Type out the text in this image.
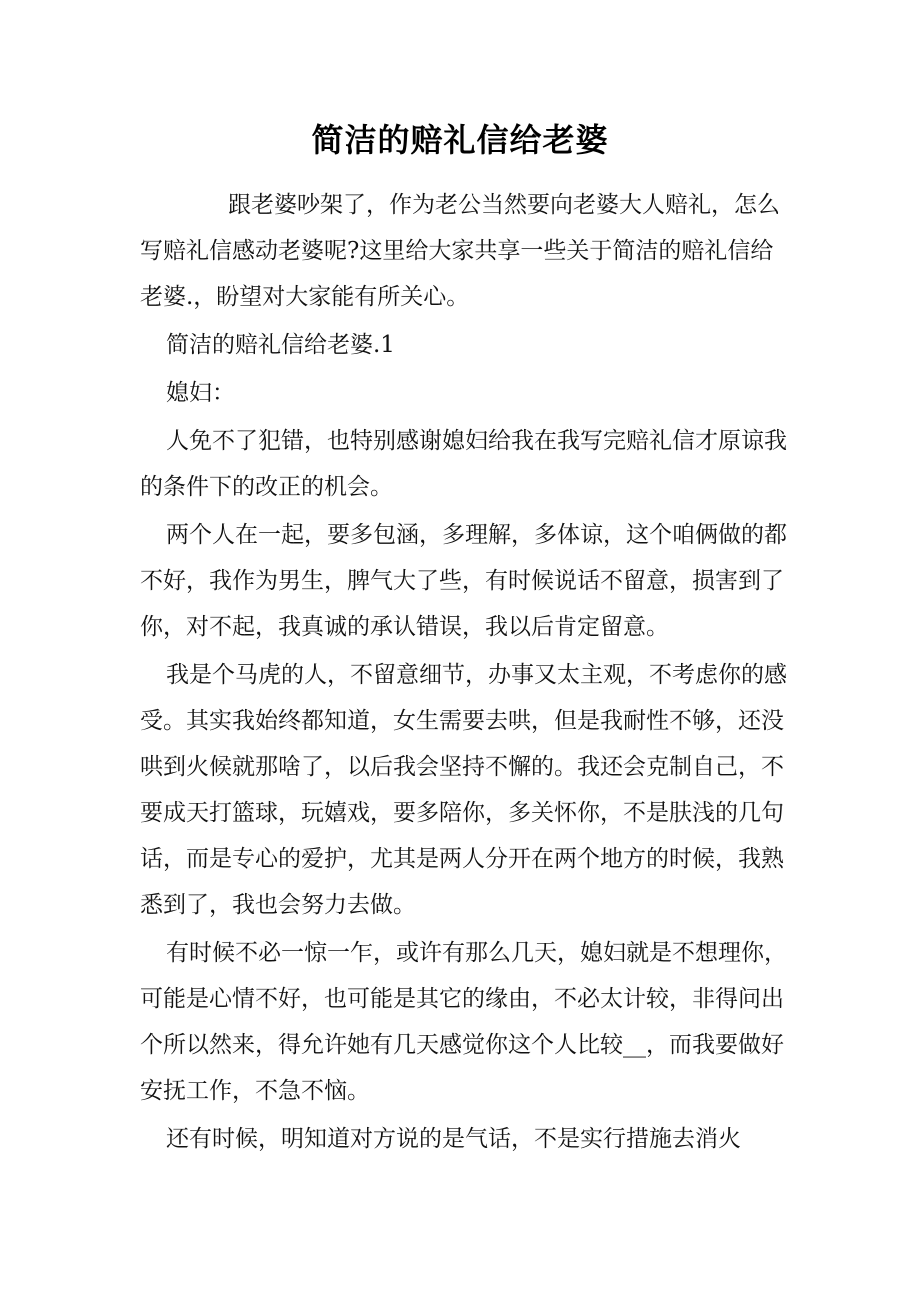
简洁的赔礼信给老婆

跟老婆吵架了，作为老公当然要向老婆大人赔礼，怎么写赔礼信感动老婆呢?这里给大家共享一些关于简洁的赔礼信给老婆.，盼望对大家能有所关心。

简洁的赔礼信给老婆.1

媳妇：

人免不了犯错，也特别感谢媳妇给我在我写完赔礼信才原谅我的条件下的改正的机会。

两个人在一起，要多包涵，多理解，多体谅，这个咱俩做的都不好，我作为男生，脾气大了些，有时候说话不留意，损害到了你，对不起，我真诚的承认错误，我以后肯定留意。

我是个马虎的人，不留意细节，办事又太主观，不考虑你的感受。其实我始终都知道，女生需要去哄，但是我耐性不够，还没哄到火候就那啥了，以后我会坚持不懈的。我还会克制自己，不要成天打篮球，玩嬉戏，要多陪你，多关怀你，不是肤浅的几句话，而是专心的爱护，尤其是两人分开在两个地方的时候，我熟悉到了，我也会努力去做。

有时候不必一惊一乍，或许有那么几天，媳妇就是不想理你，可能是心情不好，也可能是其它的缘由，不必太计较，非得问出个所以然来，得允许她有几天感觉你这个人比较__，而我要做好安抚工作，不急不恼。

还有时候，明知道对方说的是气话，不是实行措施去消火
